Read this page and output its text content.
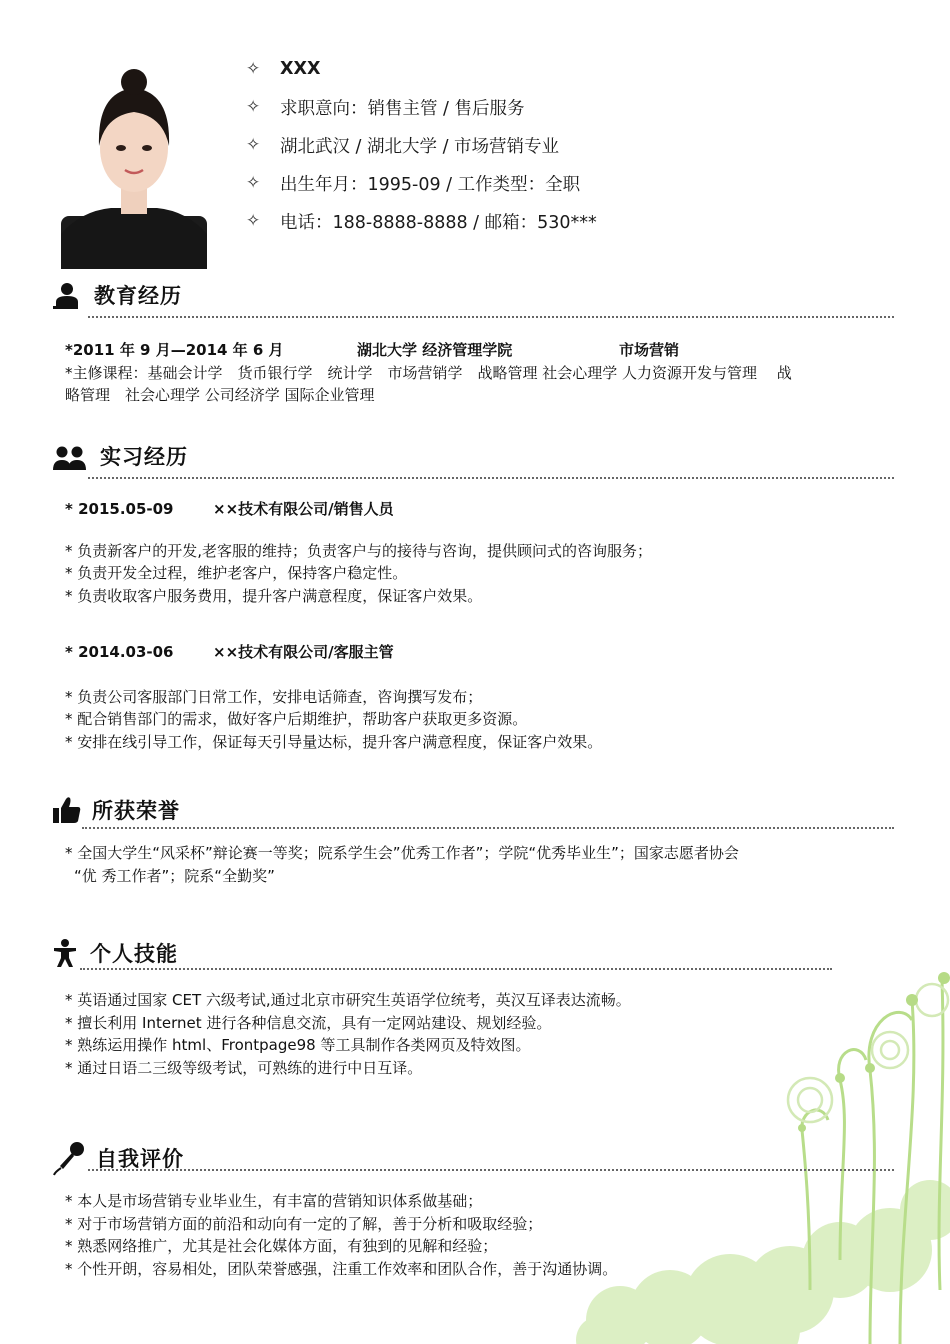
✧	XXX
✧	求职意向：销售主管 / 售后服务
✧	湖北武汉 / 湖北大学 / 市场营销专业
✧	出生年月：1995-09 / 工作类型：全职
✧	电话：188-8888-8888 / 邮箱：530***
教育经历
*2011 年 9 月—2014 年 6 月	湖北大学 经济管理学院	市场营销
*主修课程：基础会计学　货币银行学　统计学　市场营销学　战略管理 社会心理学 人力资源开发与管理　 战
略管理　社会心理学 公司经济学 国际企业管理
实习经历
* 2015.05-09	××技术有限公司/销售人员
* 负责新客户的开发,老客服的维持；负责客户与的接待与咨询，提供顾问式的咨询服务；
* 负责开发全过程，维护老客户，保持客户稳定性。
* 负责收取客户服务费用，提升客户满意程度，保证客户效果。
* 2014.03-06	××技术有限公司/客服主管
* 负责公司客服部门日常工作，安排电话筛查，咨询撰写发布；
* 配合销售部门的需求，做好客户后期维护，帮助客户获取更多资源。
* 安排在线引导工作，保证每天引导量达标，提升客户满意程度，保证客户效果。
所获荣誉
* 全国大学生“风采杯”辩论赛一等奖；院系学生会”优秀工作者”；学院“优秀毕业生”；国家志愿者协会
“优 秀工作者”；院系“全勤奖”
个人技能
* 英语通过国家 CET 六级考试,通过北京市研究生英语学位统考，英汉互译表达流畅。
* 擅长利用 Internet 进行各种信息交流，具有一定网站建设、规划经验。
* 熟练运用操作 html、Frontpage98 等工具制作各类网页及特效图。
* 通过日语二三级等级考试，可熟练的进行中日互译。
自我评价
* 本人是市场营销专业毕业生，有丰富的营销知识体系做基础；
* 对于市场营销方面的前沿和动向有一定的了解，善于分析和吸取经验；
* 熟悉网络推广，尤其是社会化媒体方面，有独到的见解和经验；
* 个性开朗，容易相处，团队荣誉感强，注重工作效率和团队合作，善于沟通协调。
